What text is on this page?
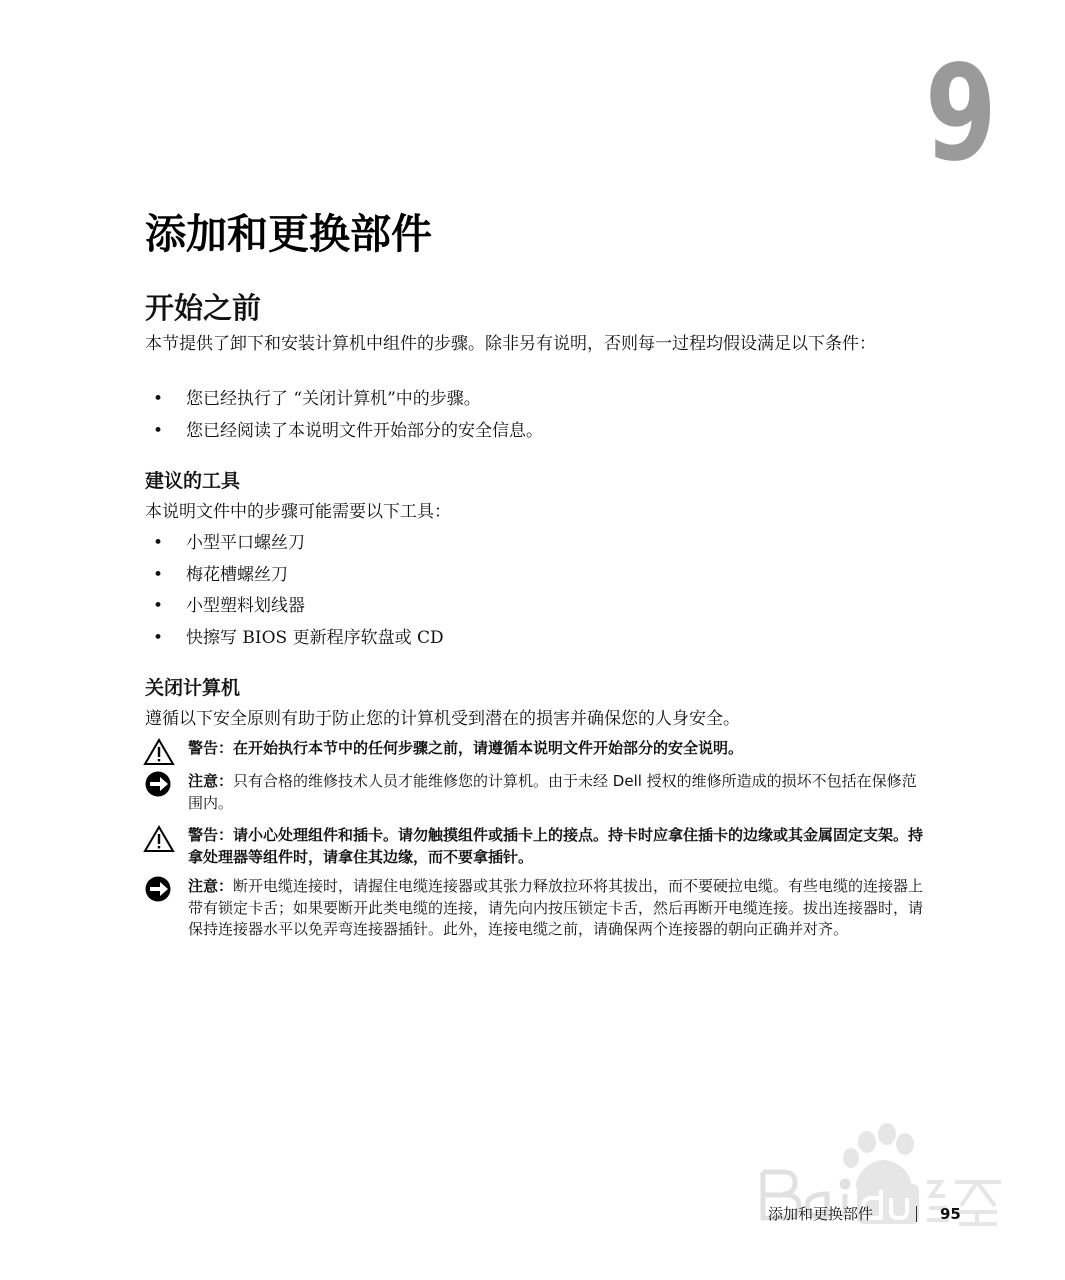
9
添加和更换部件
开始之前

本节提供了卸下和安装计算机中组件的步骤。除非另有说明，否则每一过程均假设满足以下条件：

• 您已经执行了 “关闭计算机”中的步骤。
• 您已经阅读了本说明文件开始部分的安全信息。
建议的工具

本说明文件中的步骤可能需要以下工具：

• 小型平口螺丝刀
• 梅花槽螺丝刀
• 小型塑料划线器
• 快擦写 BIOS 更新程序软盘或 CD
关闭计算机

遵循以下安全原则有助于防止您的计算机受到潜在的损害并确保您的人身安全。

警告：在开始执行本节中的任何步骤之前，请遵循本说明文件开始部分的安全说明。
注意：只有合格的维修技术人员才能维修您的计算机。由于未经 Dell 授权的维修所造成的损坏不包括在保修范围内。
警告：请小心处理组件和插卡。请勿触摸组件或插卡上的接点。持卡时应拿住插卡的边缘或其金属固定支架。持拿处理器等组件时，请拿住其边缘，而不要拿插针。
注意：断开电缆连接时，请握住电缆连接器或其张力释放拉环将其拔出，而不要硬拉电缆。有些电缆的连接器上带有锁定卡舌；如果要断开此类电缆的连接，请先向内按压锁定卡舌，然后再断开电缆连接。拔出连接器时，请保持连接器水平以免弄弯连接器插针。此外，连接电缆之前，请确保两个连接器的朝向正确并对齐。
添加和更换部件	95
